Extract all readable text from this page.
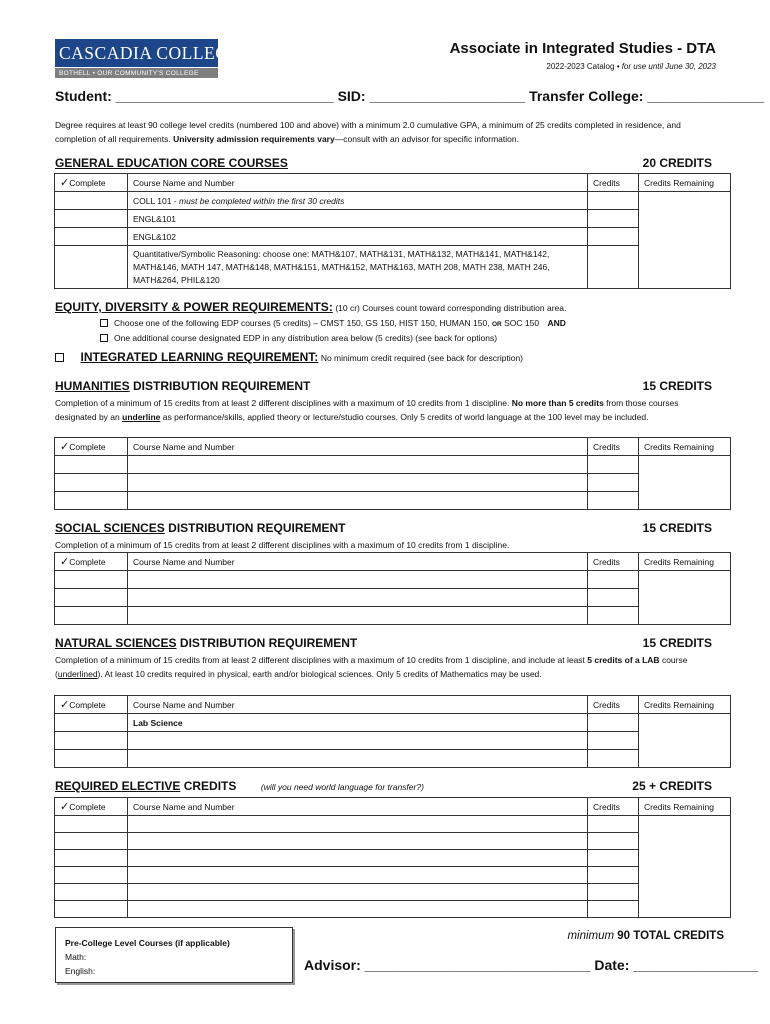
CASCADIA COLLEGE
BOTHELL • OUR COMMUNITY'S COLLEGE
Associate in Integrated Studies - DTA
2022-2023 Catalog • for use until June 30, 2023
Student: ____________________________ SID: ____________________ Transfer College: _______________
Degree requires at least 90 college level credits (numbered 100 and above) with a minimum 2.0 cumulative GPA, a minimum of 25 credits completed in residence, and completion of all requirements. University admission requirements vary—consult with an advisor for specific information.
GENERAL EDUCATION CORE COURSES	20 CREDITS
✓Complete	Course Name and Number	Credits	Credits Remaining
	COLL 101 - must be completed within the first 30 credits		
	ENGL&101		
	ENGL&102		
	Quantitative/Symbolic Reasoning: choose one: MATH&107, MATH&131, MATH&132, MATH&141, MATH&142, MATH&146, MATH 147, MATH&148, MATH&151, MATH&152, MATH&163, MATH 208, MATH 238, MATH 246, MATH&264, PHIL&120		
EQUITY, DIVERSITY & POWER REQUIREMENTS: (10 cr) Courses count toward corresponding distribution area.
Choose one of the following EDP courses (5 credits) – CMST 150, GS 150, HIST 150, HUMAN 150, OR SOC 150 AND
One additional course designated EDP in any distribution area below (5 credits) (see back for options)
INTEGRATED LEARNING REQUIREMENT: No minimum credit required (see back for description)
HUMANITIES DISTRIBUTION REQUIREMENT	15 CREDITS
Completion of a minimum of 15 credits from at least 2 different disciplines with a maximum of 10 credits from 1 discipline. No more than 5 credits from those courses designated by an underline as performance/skills, applied theory or lecture/studio courses. Only 5 credits of world language at the 100 level may be included.
✓Complete	Course Name and Number	Credits	Credits Remaining

SOCIAL SCIENCES DISTRIBUTION REQUIREMENT	15 CREDITS
Completion of a minimum of 15 credits from at least 2 different disciplines with a maximum of 10 credits from 1 discipline.
✓Complete	Course Name and Number	Credits	Credits Remaining

NATURAL SCIENCES DISTRIBUTION REQUIREMENT	15 CREDITS
Completion of a minimum of 15 credits from at least 2 different disciplines with a maximum of 10 credits from 1 discipline, and include at least 5 credits of a LAB course (underlined). At least 10 credits required in physical, earth and/or biological sciences. Only 5 credits of Mathematics may be used.
✓Complete	Course Name and Number	Credits	Credits Remaining
	Lab Science		

REQUIRED ELECTIVE CREDITS	(will you need world language for transfer?)	25 + CREDITS
✓Complete	Course Name and Number	Credits	Credits Remaining

Pre-College Level Courses (if applicable)
Math:
English:
minimum 90 TOTAL CREDITS
Advisor: _____________________________ Date: ________________
